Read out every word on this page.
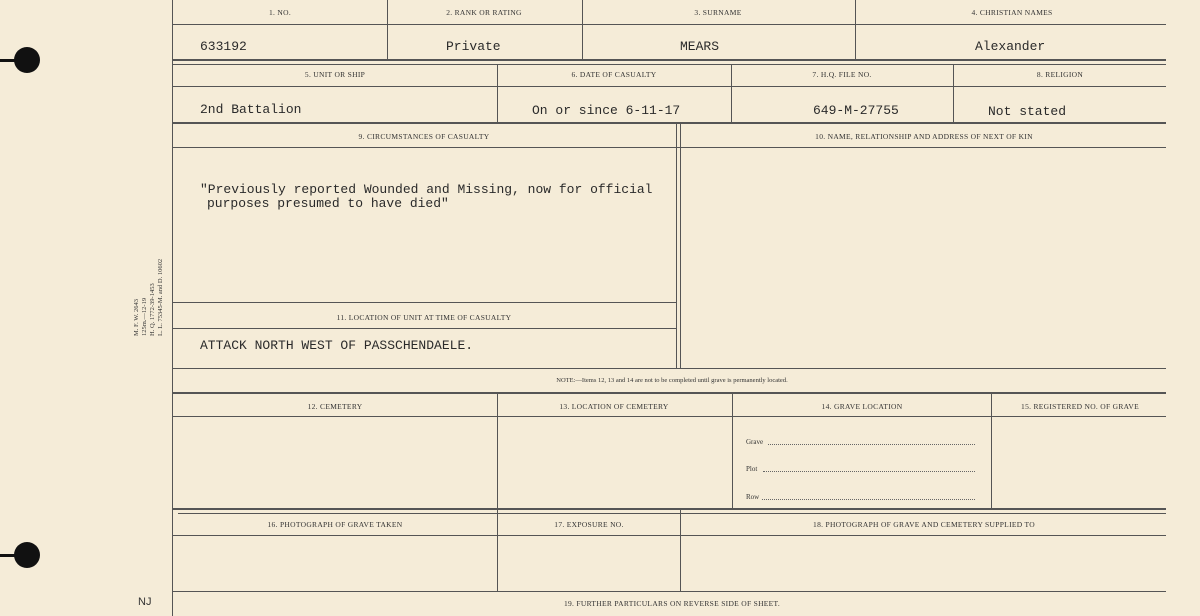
M. F. W. 2643 125m.—12-19 H. Q. 1772-39-1453 L. L. 75345-M. and D. 10602
NJ
1. NO.	2. RANK OR RATING	3. SURNAME	4. CHRISTIAN NAMES
633192	Private	MEARS	Alexander
5. UNIT OR SHIP	6. DATE OF CASUALTY	7. H.Q. FILE NO.	8. RELIGION
2nd Battalion	On or since 6-11-17	649-M-27755	Not stated
9. CIRCUMSTANCES OF CASUALTY	10. NAME, RELATIONSHIP AND ADDRESS OF NEXT OF KIN
"Previously reported Wounded and Missing, now for official
purposes presumed to have died"
11. LOCATION OF UNIT AT TIME OF CASUALTY
ATTACK NORTH WEST OF PASSCHENDAELE.
NOTE:—Items 12, 13 and 14 are not to be completed until grave is permanently located.
12. CEMETERY	13. LOCATION OF CEMETERY	14. GRAVE LOCATION	15. REGISTERED NO. OF GRAVE
Grave
Plot
Row
16. PHOTOGRAPH OF GRAVE TAKEN	17. EXPOSURE NO.	18. PHOTOGRAPH OF GRAVE AND CEMETERY SUPPLIED TO
19. FURTHER PARTICULARS ON REVERSE SIDE OF SHEET.
